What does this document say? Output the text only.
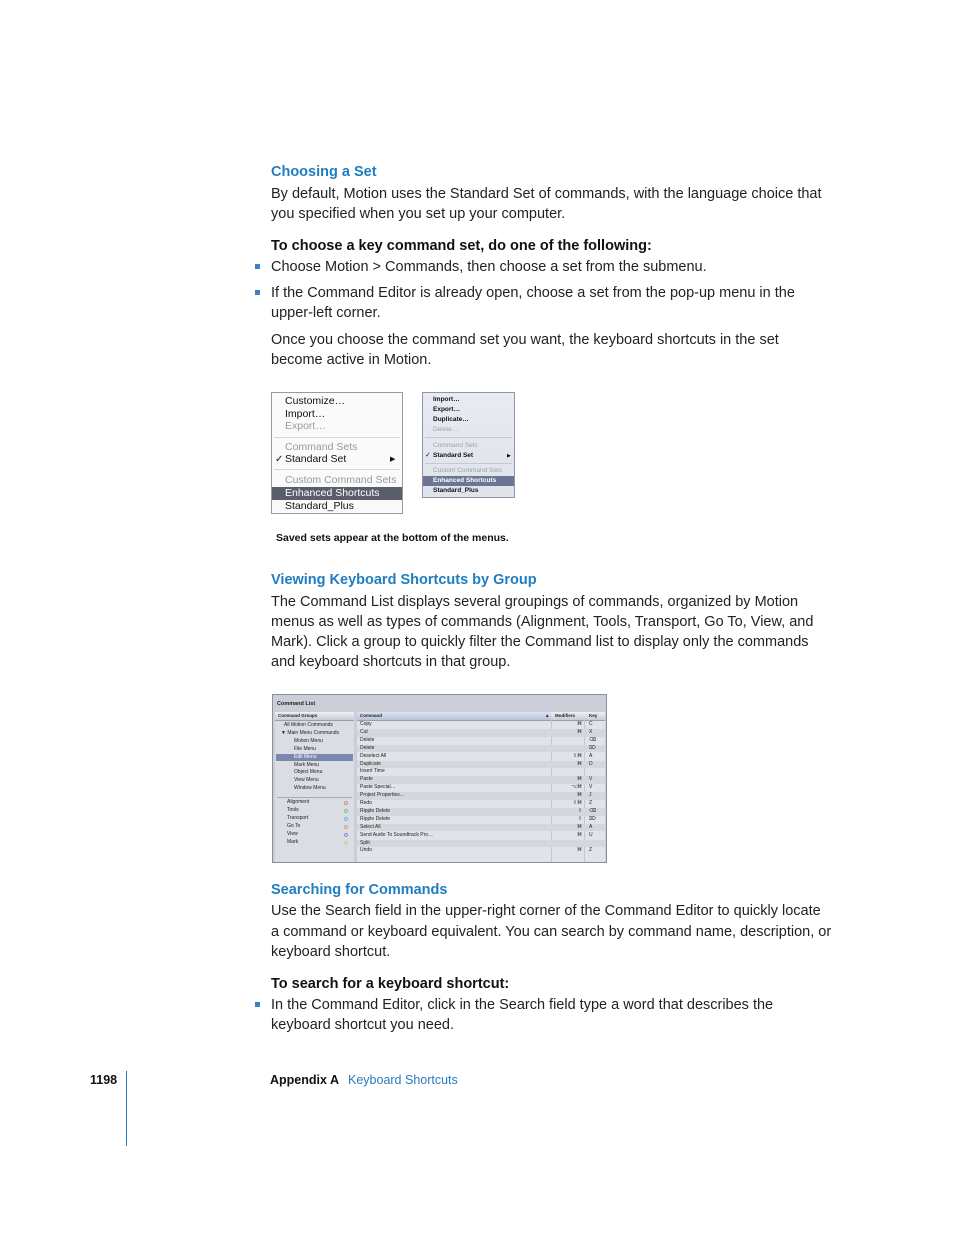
Choosing a Set
By default, Motion uses the Standard Set of commands, with the language choice that
you specified when you set up your computer.
To choose a key command set, do one of the following:
Choose Motion > Commands, then choose a set from the submenu.
If the Command Editor is already open, choose a set from the pop-up menu in the
upper-left corner.
Once you choose the command set you want, the keyboard shortcuts in the set
become active in Motion.
Customize…
Import…
Export…
Command Sets
✓ Standard Set	▶
Custom Command Sets
Enhanced Shortcuts
Standard_Plus
Import…
Export…
Duplicate…
Delete…
Command Sets
✓ Standard Set	▶
Custom Command Sets
Enhanced Shortcuts
Standard_Plus
Saved sets appear at the bottom of the menus.
Viewing Keyboard Shortcuts by Group
The Command List displays several groupings of commands, organized by Motion
menus as well as types of commands (Alignment, Tools, Transport, Go To, View, and
Mark). Click a group to quickly filter the Command list to display only the commands
and keyboard shortcuts in that group.
Command List
Command Groups
All Motion Commands
▼ Main Menu Commands
Motion Menu
File Menu
Edit Menu
Mark Menu
Object Menu
View Menu
Window Menu
Alignment
Tools
Transport
Go To
View
Mark
Command	▲ Modifiers	Key
Copy	⌘ C
Cut	⌘ X
Delete	⌫
Delete	⌦
Deselect All	⇧⌘ A
Duplicate	⌘ D
Insert Time
Paste	⌘ V
Paste Special…	⌥⌘ V
Project Properties…	⌘ J
Redo	⇧⌘ Z
Ripple Delete	⇧ ⌫
Ripple Delete	⇧ ⌦
Select All	⌘ A
Send Audio To Soundtrack Pro…	⌘ U
Split
Undo	⌘ Z
Searching for Commands
Use the Search field in the upper-right corner of the Command Editor to quickly locate
a command or keyboard equivalent. You can search by command name, description, or
keyboard shortcut.
To search for a keyboard shortcut:
In the Command Editor, click in the Search field type a word that describes the
keyboard shortcut you need.
1198	Appendix A Keyboard Shortcuts
